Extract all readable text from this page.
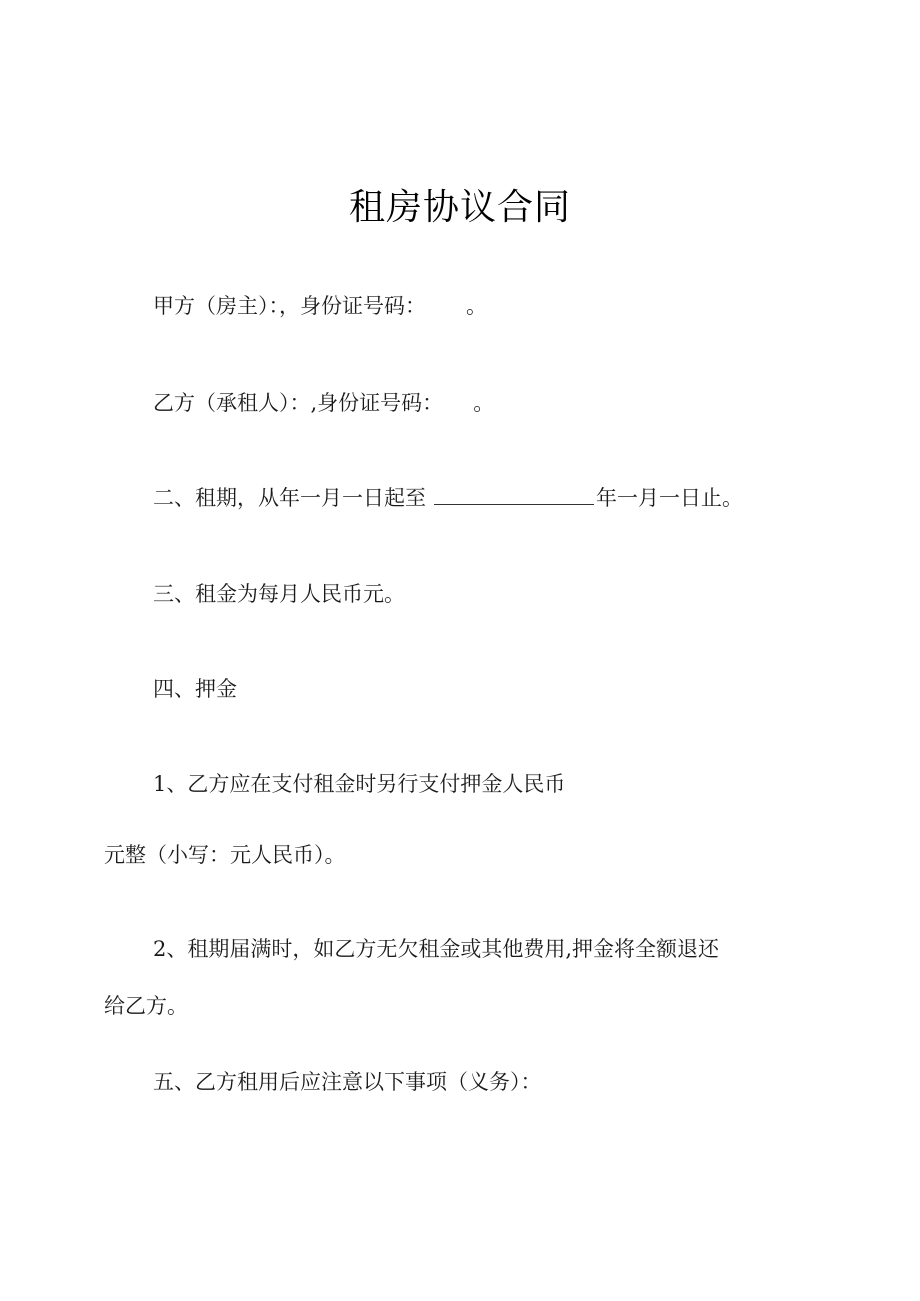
租房协议合同
甲方（房主）：，身份证号码： 。
乙方（承租人）：,身份证号码： 。
二、租期，从年一月一日起至	年一月一日止。
三、租金为每月人民币元。
四、押金
1、乙方应在支付租金时另行支付押金人民币
元整（小写：元人民币）。
2、租期届满时，如乙方无欠租金或其他费用,押金将全额退还
给乙方。
五、乙方租用后应注意以下事项（义务）：
